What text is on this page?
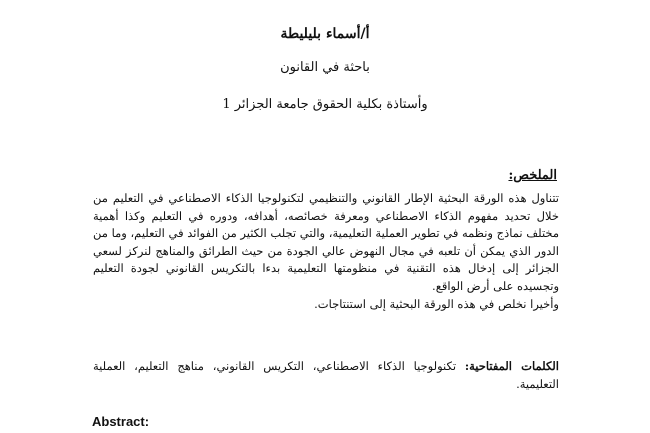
أ/أسماء بليليطة
باحثة في القانون
وأستاذة بكلية الحقوق جامعة الجزائر 1
الملخص:

تتناول هذه الورقة البحثية الإطار القانوني والتنظيمي لتكنولوجيا الذكاء الاصطناعي في التعليم من خلال تحديد مفهوم الذكاء الاصطناعي ومعرفة خصائصه، أهدافه، ودوره في التعليم وكذا أهمية مختلف نماذج ونظمه في تطوير العملية التعليمية، والتي تجلب الكثير من الفوائد في التعليم، وما من الدور الذي يمكن أن تلعبه في مجال النهوض عالي الجودة من حيث الطرائق والمناهج لنركز لسعي الجزائر إلى إدخال هذه التقنية في منظومتها التعليمية بدءا بالتكريس القانوني لجودة التعليم وتجسيده على أرض الواقع.

وأخيرا نخلص في هذه الورقة البحثية إلى استنتاجات.

الكلمات المفتاحية: تكنولوجيا الذكاء الاصطناعي، التكريس القانوني، مناهج التعليم، العملية التعليمية.
Abstract:
